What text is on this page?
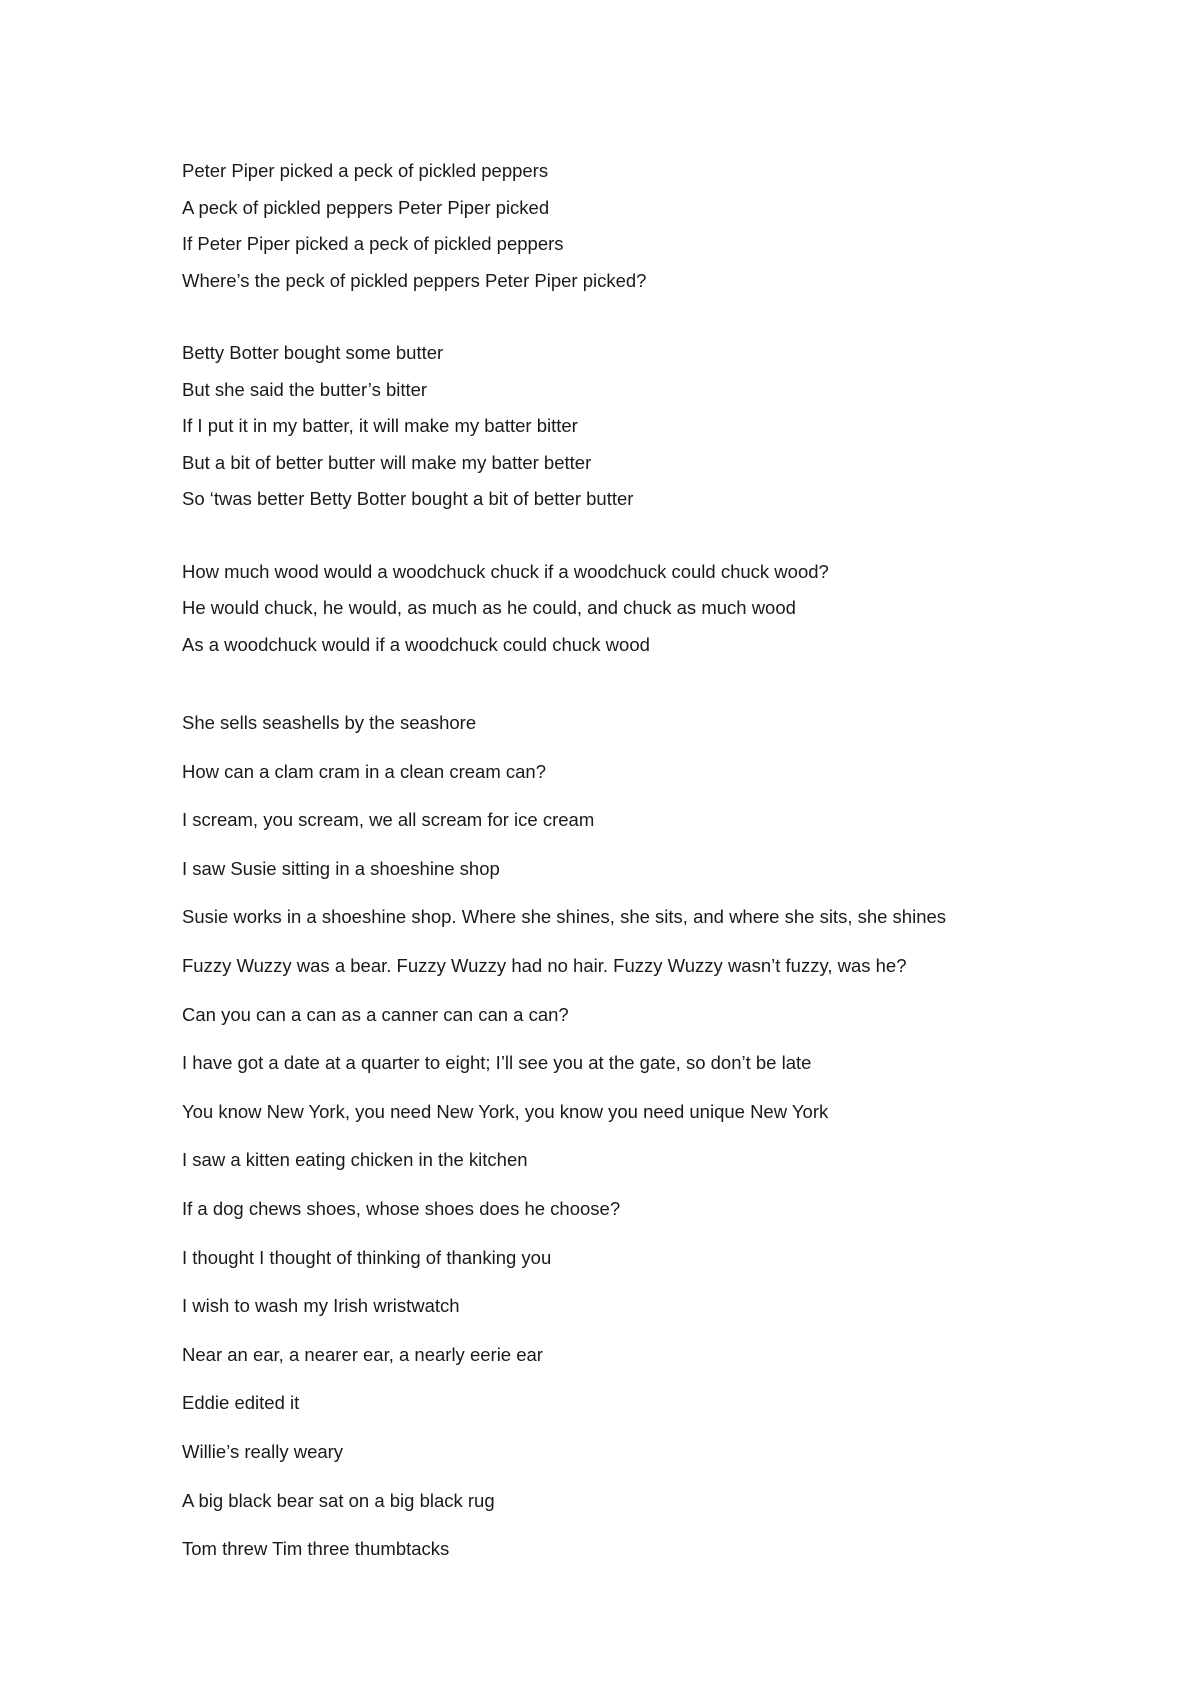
Peter Piper picked a peck of pickled peppers
A peck of pickled peppers Peter Piper picked
If Peter Piper picked a peck of pickled peppers
Where’s the peck of pickled peppers Peter Piper picked?
Betty Botter bought some butter
But she said the butter’s bitter
If I put it in my batter, it will make my batter bitter
But a bit of better butter will make my batter better
So ‘twas better Betty Botter bought a bit of better butter
How much wood would a woodchuck chuck if a woodchuck could chuck wood?
He would chuck, he would, as much as he could, and chuck as much wood
As a woodchuck would if a woodchuck could chuck wood
She sells seashells by the seashore
How can a clam cram in a clean cream can?
I scream, you scream, we all scream for ice cream
I saw Susie sitting in a shoeshine shop
Susie works in a shoeshine shop. Where she shines, she sits, and where she sits, she shines
Fuzzy Wuzzy was a bear. Fuzzy Wuzzy had no hair. Fuzzy Wuzzy wasn’t fuzzy, was he?
Can you can a can as a canner can can a can?
I have got a date at a quarter to eight; I’ll see you at the gate, so don’t be late
You know New York, you need New York, you know you need unique New York
I saw a kitten eating chicken in the kitchen
If a dog chews shoes, whose shoes does he choose?
I thought I thought of thinking of thanking you
I wish to wash my Irish wristwatch
Near an ear, a nearer ear, a nearly eerie ear
Eddie edited it
Willie’s really weary
A big black bear sat on a big black rug
Tom threw Tim three thumbtacks
